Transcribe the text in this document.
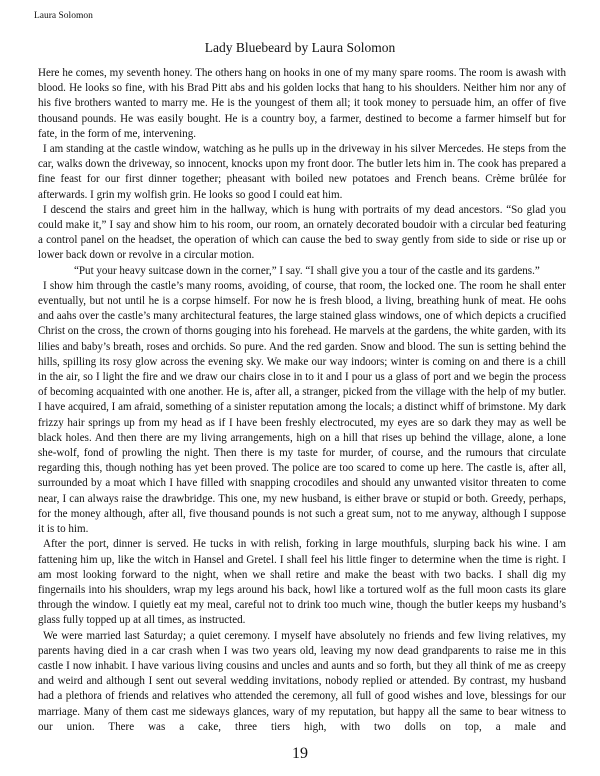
Laura Solomon
Lady Bluebeard by Laura Solomon

Here he comes, my seventh honey. The others hang on hooks in one of my many spare rooms. The room is awash with blood. He looks so fine, with his Brad Pitt abs and his golden locks that hang to his shoulders. Neither him nor any of his five brothers wanted to marry me. He is the youngest of them all; it took money to persuade him, an offer of five thousand pounds. He was easily bought. He is a country boy, a farmer, destined to become a farmer himself but for fate, in the form of me, intervening.

I am standing at the castle window, watching as he pulls up in the driveway in his silver Mercedes. He steps from the car, walks down the driveway, so innocent, knocks upon my front door. The butler lets him in. The cook has prepared a fine feast for our first dinner together; pheasant with boiled new potatoes and French beans. Crème brûlée for afterwards. I grin my wolfish grin. He looks so good I could eat him.

I descend the stairs and greet him in the hallway, which is hung with portraits of my dead ancestors. “So glad you could make it,” I say and show him to his room, our room, an ornately decorated boudoir with a circular bed featuring a control panel on the headset, the operation of which can cause the bed to sway gently from side to side or rise up or lower back down or revolve in a circular motion.

“Put your heavy suitcase down in the corner,” I say. “I shall give you a tour of the castle and its gardens.”

I show him through the castle’s many rooms, avoiding, of course, that room, the locked one. The room he shall enter eventually, but not until he is a corpse himself. For now he is fresh blood, a living, breathing hunk of meat. He oohs and aahs over the castle’s many architectural features, the large stained glass windows, one of which depicts a crucified Christ on the cross, the crown of thorns gouging into his forehead. He marvels at the gardens, the white garden, with its lilies and baby’s breath, roses and orchids. So pure. And the red garden. Snow and blood. The sun is setting behind the hills, spilling its rosy glow across the evening sky. We make our way indoors; winter is coming on and there is a chill in the air, so I light the fire and we draw our chairs close in to it and I pour us a glass of port and we begin the process of becoming acquainted with one another. He is, after all, a stranger, picked from the village with the help of my butler. I have acquired, I am afraid, something of a sinister reputation among the locals; a distinct whiff of brimstone. My dark frizzy hair springs up from my head as if I have been freshly electrocuted, my eyes are so dark they may as well be black holes. And then there are my living arrangements, high on a hill that rises up behind the village, alone, a lone she-wolf, fond of prowling the night. Then there is my taste for murder, of course, and the rumours that circulate regarding this, though nothing has yet been proved. The police are too scared to come up here. The castle is, after all, surrounded by a moat which I have filled with snapping crocodiles and should any unwanted visitor threaten to come near, I can always raise the drawbridge. This one, my new husband, is either brave or stupid or both. Greedy, perhaps, for the money although, after all, five thousand pounds is not such a great sum, not to me anyway, although I suppose it is to him.

After the port, dinner is served. He tucks in with relish, forking in large mouthfuls, slurping back his wine. I am fattening him up, like the witch in Hansel and Gretel. I shall feel his little finger to determine when the time is right. I am most looking forward to the night, when we shall retire and make the beast with two backs. I shall dig my fingernails into his shoulders, wrap my legs around his back, howl like a tortured wolf as the full moon casts its glare through the window. I quietly eat my meal, careful not to drink too much wine, though the butler keeps my husband’s glass fully topped up at all times, as instructed.

We were married last Saturday; a quiet ceremony. I myself have absolutely no friends and few living relatives, my parents having died in a car crash when I was two years old, leaving my now dead grandparents to raise me in this castle I now inhabit. I have various living cousins and uncles and aunts and so forth, but they all think of me as creepy and weird and although I sent out several wedding invitations, nobody replied or attended. By contrast, my husband had a plethora of friends and relatives who attended the ceremony, all full of good wishes and love, blessings for our marriage. Many of them cast me sideways glances, wary of my reputation, but happy all the same to bear witness to our union. There was a cake, three tiers high, with two dolls on top, a male and

19
